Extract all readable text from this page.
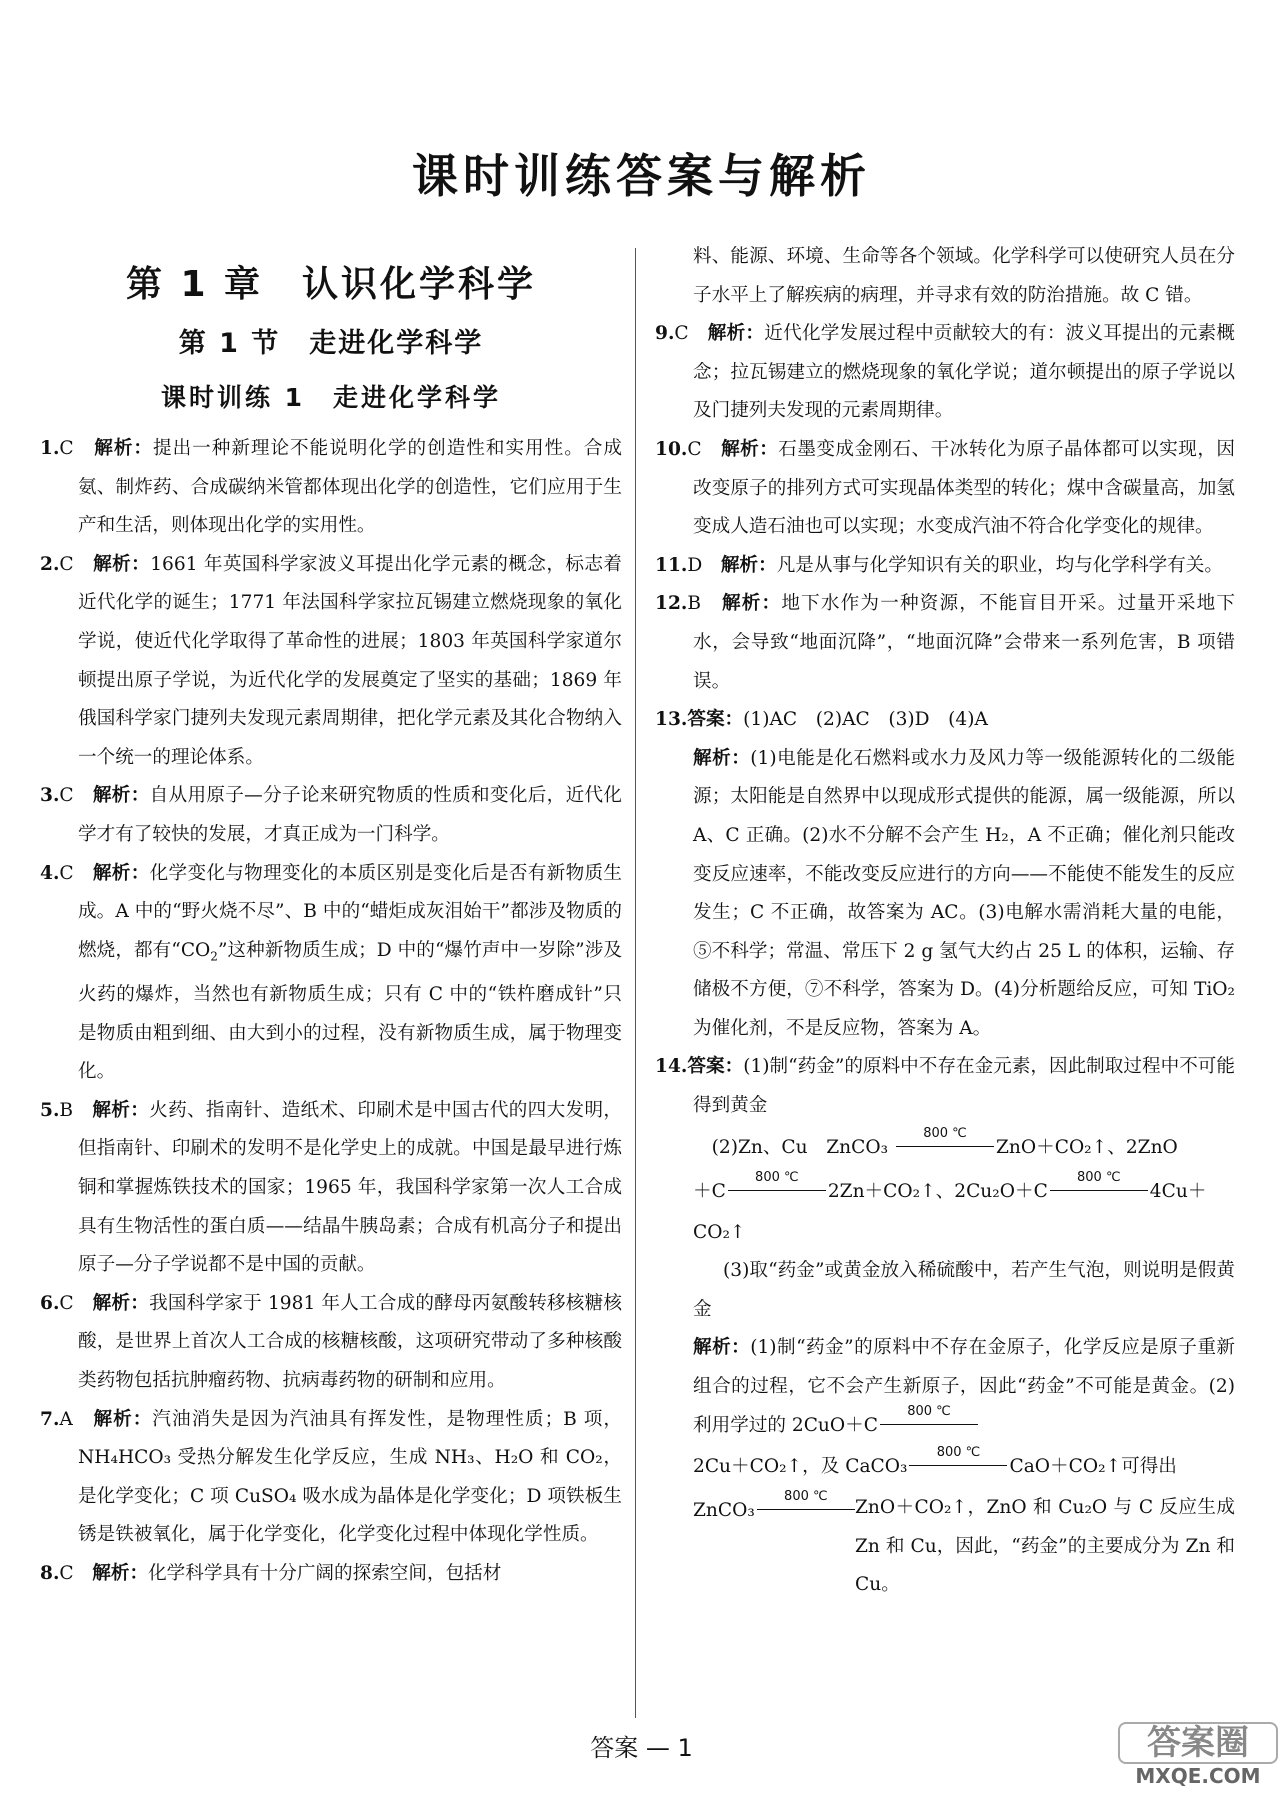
课时训练答案与解析
第 1 章　认识化学科学
第 1 节　走进化学科学
课时训练 1　走进化学科学

1.C　 解析：提出一种新理论不能说明化学的创造性和实用性。合成氨、制炸药、合成碳纳米管都体现出化学的创造性，它们应用于生产和生活，则体现出化学的实用性。

2.C　 解析：1661 年英国科学家波义耳提出化学元素的概念，标志着近代化学的诞生；1771 年法国科学家拉瓦锡建立燃烧现象的氧化学说，使近代化学取得了革命性的进展；1803 年英国科学家道尔顿提出原子学说，为近代化学的发展奠定了坚实的基础；1869 年俄国科学家门捷列夫发现元素周期律，把化学元素及其化合物纳入一个统一的理论体系。

3.C　 解析：自从用原子—分子论来研究物质的性质和变化后，近代化学才有了较快的发展，才真正成为一门科学。

4.C　 解析：化学变化与物理变化的本质区别是变化后是否有新物质生成。A 中的“野火烧不尽”、B 中的“蜡炬成灰泪始干”都涉及物质的燃烧，都有“$CO_2$”这种新物质生成；D 中的“爆竹声中一岁除”涉及火药的爆炸，当然也有新物质生成；只有 C 中的“铁杵磨成针”只是物质由粗到细、由大到小的过程，没有新物质生成，属于物理变化。

5.B　 解析：火药、指南针、造纸术、印刷术是中国古代的四大发明，但指南针、印刷术的发明不是化学史上的成就。中国是最早进行炼铜和掌握炼铁技术的国家；1965 年，我国科学家第一次人工合成具有生物活性的蛋白质——结晶牛胰岛素；合成有机高分子和提出原子—分子学说都不是中国的贡献。

6.C　 解析：我国科学家于 1981 年人工合成的酵母丙氨酸转移核糖核酸，是世界上首次人工合成的核糖核酸，这项研究带动了多种核酸类药物包括抗肿瘤药物、抗病毒药物的研制和应用。

7.A　 解析：汽油消失是因为汽油具有挥发性，是物理性质；B 项，NH₄HCO₃ 受热分解发生化学反应，生成 NH₃、H₂O 和 CO₂，是化学变化；C 项 CuSO₄ 吸水成为晶体是化学变化；D 项铁板生锈是铁被氧化，属于化学变化，化学变化过程中体现化学性质。

8.C　 解析：化学科学具有十分广阔的探索空间，包括材

料、能源、环境、生命等各个领域。化学科学可以使研究人员在分子水平上了解疾病的病理，并寻求有效的防治措施。故 C 错。

9.C　 解析：近代化学发展过程中贡献较大的有：波义耳提出的元素概念；拉瓦锡建立的燃烧现象的氧化学说；道尔顿提出的原子学说以及门捷列夫发现的元素周期律。

10.C　 解析：石墨变成金刚石、干冰转化为原子晶体都可以实现，因改变原子的排列方式可实现晶体类型的转化；煤中含碳量高，加氢变成人造石油也可以实现；水变成汽油不符合化学变化的规律。

11.D　 解析：凡是从事与化学知识有关的职业，均与化学科学有关。

12.B　 解析：地下水作为一种资源，不能盲目开采。过量开采地下水，会导致“地面沉降”，“地面沉降”会带来一系列危害，B 项错误。

13.答案：(1)AC　(2)AC　(3)D　(4)A

解析：(1)电能是化石燃料或水力及风力等一级能源转化的二级能源；太阳能是自然界中以现成形式提供的能源，属一级能源，所以 A、C 正确。(2)水不分解不会产生 H₂，A 不正确；催化剂只能改变反应速率，不能改变反应进行的方向——不能使不能发生的反应发生；C 不正确，故答案为 AC。(3)电解水需消耗大量的电能，⑤不科学；常温、常压下 2 g 氢气大约占 25 L 的体积，运输、存储极不方便，⑦不科学，答案为 D。(4)分析题给反应，可知 TiO₂ 为催化剂，不是反应物，答案为 A。

14.答案：(1)制“药金”的原料中不存在金元素，因此制取过程中不可能得到黄金

　(2)Zn、Cu　ZnCO₃
800 ℃
ZnO＋CO₂↑、2ZnO

＋C
800 ℃
2Zn＋CO₂↑、2Cu₂O＋C
800 ℃
4Cu＋

CO₂↑

(3)取“药金”或黄金放入稀硫酸中，若产生气泡，则说明是假黄金

解析：(1)制“药金”的原料中不存在金原子，化学反应是原子重新组合的过程，它不会产生新原子，因此“药金”不可能是黄金。(2)利用学过的 2CuO＋C
800 ℃

2Cu＋CO₂↑，及 CaCO₃
800 ℃
CaO＋CO₂↑可得出

ZnCO₃
800 ℃

ZnO＋CO₂↑，ZnO 和 Cu₂O 与 C 反应生成 Zn 和 Cu，因此，“药金”的主要成分为 Zn 和 Cu。

答案 — 1	答案圈
MXQE.COM
